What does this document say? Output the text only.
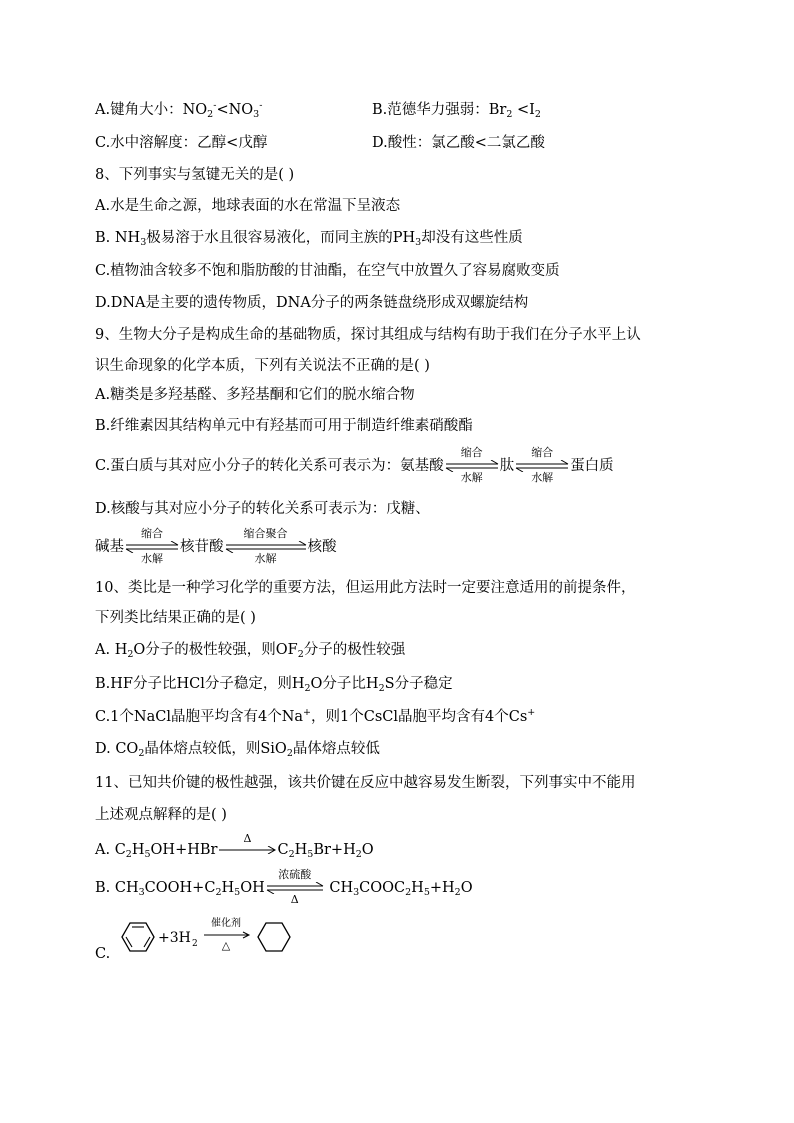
A.键角大小：$NO_2^-<NO_3^-$	B.范德华力强弱：$Br_2 <I_2$
C.水中溶解度：乙醇<戊醇	D.酸性：氯乙酸<二氯乙酸
8、下列事实与氢键无关的是( )
A.水是生命之源，地球表面的水在常温下呈液态
B. $NH_3$极易溶于水且很容易液化，而同主族的$PH_3$却没有这些性质
C.植物油含较多不饱和脂肪酸的甘油酯，在空气中放置久了容易腐败变质
D.DNA是主要的遗传物质，DNA分子的两条链盘绕形成双螺旋结构
9、生物大分子是构成生命的基础物质，探讨其组成与结构有助于我们在分子水平上认
识生命现象的化学本质，下列有关说法不正确的是( )
A.糖类是多羟基醛、多羟基酮和它们的脱水缩合物
B.纤维素因其结构单元中有羟基而可用于制造纤维素硝酸酯
C.蛋白质与其对应小分子的转化关系可表示为：氨基酸
缩合
水解
肽
缩合
水解
蛋白质
D.核酸与其对应小分子的转化关系可表示为：戊糖、
碱基
缩合
水解
核苷酸
缩合聚合
水解
核酸
10、类比是一种学习化学的重要方法，但运用此方法时一定要注意适用的前提条件，
下列类比结果正确的是( )
A. $H_2O$分子的极性较强，则$OF_2$分子的极性较强
B.HF分子比HCl分子稳定，则$H_2O$分子比$H_2S$分子稳定
C.1个NaCl晶胞平均含有4个Na+，则1个CsCl晶胞平均含有4个Cs+
D. $CO_2$晶体熔点较低，则SiO$_2$晶体熔点较低
11、已知共价键的极性越强，该共价键在反应中越容易发生断裂，下列事实中不能用
上述观点解释的是( )
A. $C_2H_5OH+HBr$
Δ
$C_2H_5Br+H_2O$
B. $CH_3COOH+C_2H_5OH$
浓硫酸
Δ
$CH_3COOC_2H_5+H_2O$
C.
+3H 2
催化剂
△
